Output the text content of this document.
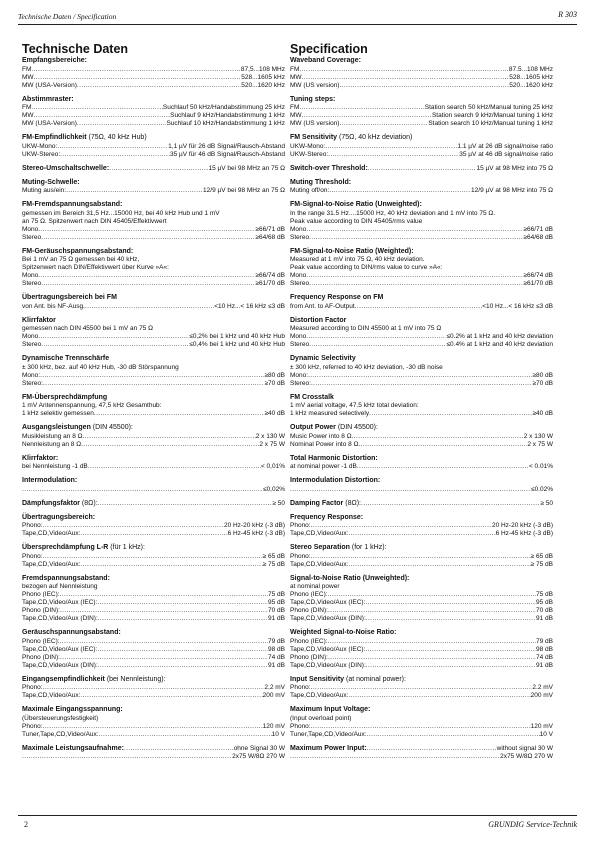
Technische Daten / Specification	R 303
Technische Daten
Empfangsbereiche:
FM .....	87,5...108 MHz
MW .....	528...1605 kHz
MW (USA-Version) .....	520...1620 kHz
Abstimmraster:
FM .....	Suchlauf 50 kHz/Handabstimmung 25 kHz
MW .....	Suchlauf 9 kHz/Handabstimmung 1 kHz
MW (USA-Version) .....	Suchlauf 10 kHz/Handabstimmung 1 kHz
FM-Empfindlichkeit (75Ω, 40 kHz Hub)
UKW-Mono: .....	1,1 µV für 26 dB Signal/Rausch-Abstand
UKW-Stereo: .....	35 µV für 46 dB Signal/Rausch-Abstand
Stereo-Umschaltschwelle: .....	15 µV bei 98 MHz an 75 Ω
Muting-Schwelle:
Muting aus/ein: .....	12/9 µV bei 98 MHz an 75 Ω
FM-Fremdspannungsabstand:
gemessen im Bereich 31,5 Hz...15000 Hz, bei 40 kHz Hub und 1 mV
an 75 Ω. Spitzenwert nach DIN 45405/Effektivwert
Mono .....	≥66/71 dB
Stereo .....	≥64/68 dB
FM-Geräuschspannungsabstand:
Bei 1 mV an 75 Ω gemessen bei 40 kHz,
Spitzenwert nach DIN/Effektivwert über Kurve »A«:
Mono .....	≥66/74 dB
Stereo .....	≥61/70 dB
Übertragungsbereich bei FM
von Ant. bis NF-Ausg. .....	<10 Hz...< 16 kHz ≤3 dB
Klirrfaktor
gemessen nach DIN 45500 bei 1 mV an 75 Ω
Mono .....	≤0,2% bei 1 kHz und 40 kHz Hub
Stereo .....	≤0,4% bei 1 kHz und 40 kHz Hub
Dynamische Trennschärfe
± 300 kHz, bez. auf 40 kHz Hub, -30 dB Störspannung
Mono: .....	≥80 dB
Stereo: .....	≥70 dB
FM-Übersprechdämpfung
1 mV Antennenspannung, 47,5 kHz Gesamthub:
1 kHz selektiv gemessen .....	≥40 dB
Ausgangsleistungen (DIN 45500):
Musikleistung an 8 Ω .....	2 x 130 W
Nennleistung an 8 Ω .....	2 x 75 W
Klirrfaktor:
bei Nennleistung -1 dB .....	< 0,01%
Intermodulation:
.....
≤0,02%
Dämpfungsfaktor (8Ω): .....	≥ 50
Übertragungsbereich:
Phono: .....	20 Hz-20 kHz (-3 dB)
Tape,CD,Video/Aux: .....	6 Hz-45 kHz (-3 dB)
Übersprechdämpfung L-R (für 1 kHz):
Phono: .....	≥ 65 dB
Tape,CD,Video/Aux: .....	≥ 75 dB
Fremdspannungsabstand:
bezogen auf Nennleistung
Phono (IEC): .....	75 dB
Tape,CD,Video/Aux (IEC): .....	95 dB
Phono (DIN): .....	70 dB
Tape,CD,Video/Aux (DIN): .....	91 dB
Geräuschspannungsabstand:
Phono (IEC): .....	79 dB
Tape,CD,Video/Aux (IEC): .....	98 dB
Phono (DIN): .....	74 dB
Tape,CD,Video/Aux (DIN): .....	91 dB
Eingangsempfindlichkeit (bei Nennleistung):
Phono: .....	2,2 mV
Tape,CD,Video/Aux: .....	200 mV
Maximale Eingangsspannung:
(Übersteuerungsfestigkeit)
Phono: .....	120 mV
Tuner,Tape,CD,Video/Aux: .....	10 V
Maximale Leistungsaufnahme: .....	ohne Signal 30 W
.....
2x75 W/8Ω 270 W
Specification
Waveband Coverage:
FM .....	87.5...108 MHz
MW .....	528...1605 kHz
MW (US version) .....	520...1620 kHz
Tuning steps:
FM .....	Station search 50 kHz/Manual tuning 25 kHz
MW .....	Station search 9 kHz/Manual tuning 1 kHz
MW (US version) .....	Station search 10 kHz/Manual tuning 1 kHz
FM Sensitivity (75Ω, 40 kHz deviation)
UKW-Mono: .....	1.1 µV at 26 dB signal/noise ratio
UKW-Stereo: .....	35 µV at 46 dB signal/noise ratio
Switch-over Threshold: .....	15 µV at 98 MHz into 75 Ω
Muting Threshold:
Muting off/on: .....	12/9 µV at 98 MHz into 75 Ω
FM-Signal-to-Noise Ratio (Unweighted):
In the range 31.5 Hz....15000 Hz, 40 kHz deviation and 1 mV into 75 Ω.
Peak value according to DIN 45405/rms value
Mono .....	≥66/71 dB
Stereo .....	≥64/68 dB
FM-Signal-to-Noise Ratio (Weighted):
Measured at 1 mV into 75 Ω, 40 kHz deviation.
Peak value according to DIN/rms value to curve »A«:
Mono .....	≥66/74 dB
Stereo .....	≥61/70 dB
Frequency Response on FM
from Ant. to AF-Output .....	<10 Hz...< 16 kHz ≤3 dB
Distortion Factor
Measured according to DIN 45500 at 1 mV into 75 Ω
Mono .....	≤0.2% at 1 kHz and 40 kHz deviation
Stereo .....	≤0.4% at 1 kHz and 40 kHz deviation
Dynamic Selectivity
± 300 kHz, referred to 40 kHz deviation, -30 dB noise
Mono: .....	≥80 dB
Stereo: .....	≥70 dB
FM Crosstalk
1 mV aerial voltage, 47.5 kHz total deviation:
1 kHz measured selectively .....	≥40 dB
Output Power (DIN 45500):
Music Power into 8 Ω .....	2 x 130 W
Nominal Power into 8 Ω .....	2 x 75 W
Total Harmonic Distortion:
at nominal power -1 dB .....	< 0.01%
Intermodulation Distortion:
.....
≤0.02%
Damping Factor (8Ω): .....	≥ 50
Frequency Response:
Phono: .....	20 Hz-20 kHz (-3 dB)
Tape,CD,Video/Aux: .....	6 Hz-45 kHz (-3 dB)
Stereo Separation (for 1 kHz):
Phono: .....	≥ 65 dB
Tape,CD,Video/Aux: .....	≥ 75 dB
Signal-to-Noise Ratio (Unweighted):
at nominal power
Phono (IEC): .....	75 dB
Tape,CD,Video/Aux (IEC): .....	95 dB
Phono (DIN): .....	70 dB
Tape,CD,Video/Aux (DIN): .....	91 dB
Weighted Signal-to-Noise Ratio:
Phono (IEC): .....	79 dB
Tape,CD,Video/Aux (IEC): .....	98 dB
Phono (DIN): .....	74 dB
Tape,CD,Video/Aux (DIN): .....	91 dB
Input Sensitivity (at nominal power):
Phono: .....	2.2 mV
Tape,CD,Video/Aux: .....	200 mV
Maximum Input Voltage:
(Input overload point)
Phono: .....	120 mV
Tuner,Tape,CD,Video/Aux: .....	10 V
Maximum Power Input: .....	without signal 30 W
.....
2x75 W/8Ω 270 W
2	GRUNDIG Service-Technik
